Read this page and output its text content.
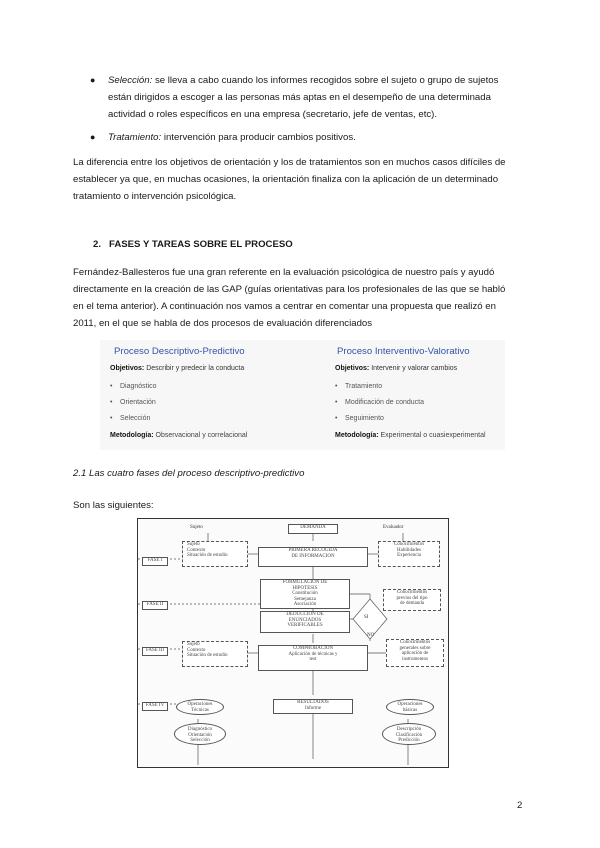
● Selección: se lleva a cabo cuando los informes recogidos sobre el sujeto o grupo de sujetos
están dirigidos a escoger a las personas más aptas en el desempeño de una determinada
actividad o roles específicos en una empresa (secretario, jefe de ventas, etc).
● Tratamiento: intervención para producir cambios positivos.
La diferencia entre los objetivos de orientación y los de tratamientos son en muchos casos difíciles de
establecer ya que, en muchas ocasiones, la orientación finaliza con la aplicación de un determinado
tratamiento o intervención psicológica.
2.   FASES Y TAREAS SOBRE EL PROCESO
Fernández-Ballesteros fue una gran referente en la evaluación psicológica de nuestro país y ayudó
directamente en la creación de las GAP (guías orientativas para los profesionales de las que se habló
en el tema anterior). A continuación nos vamos a centrar en comentar una propuesta que realizó en
2011, en el que se habla de dos procesos de evaluación diferenciados
Proceso Descriptivo-Predictivo
Objetivos: Describir y predecir la conducta
• Diagnóstico
• Orientación
• Selección
Metodología: Observacional y correlacional
Proceso Interventivo-Valorativo
Objetivos: Intervenir y valorar cambios
• Tratamiento
• Modificación de conducta
• Seguimiento
Metodología: Experimental o cuasiexperimental
2.1 Las cuatro fases del proceso descriptivo-predictivo
Son las siguientes:
Sujeto	DEMANDA	Evaluador
FASE I
FASE II
FASE III
FASE IV
Sujeto
Contexto
Situación de estudio
PRIMERA RECOGIDA
DE INFORMACION
Conocimientos
Habilidades
Experiencia
FORMULACION DE
HIPOTESIS
Constitución
Semejanza
Asociación
DEDUCCION DE
ENUNCIADOS
VERIFICABLES
Conocimientos
previos del tipo
de demanda
SI
NO
Sujeto
Contexto
Situación de estudio
COMPROBACION
Aplicación de técnicas y
test
Conocimientos
generales sobre
aplicación de
instrumentos
RESULTADOS
Informe
Operaciones
Técnicas
Diagnóstico
Orientación
Selección
Operaciones
básicas
Descripción
Clasificación
Predicción
2
